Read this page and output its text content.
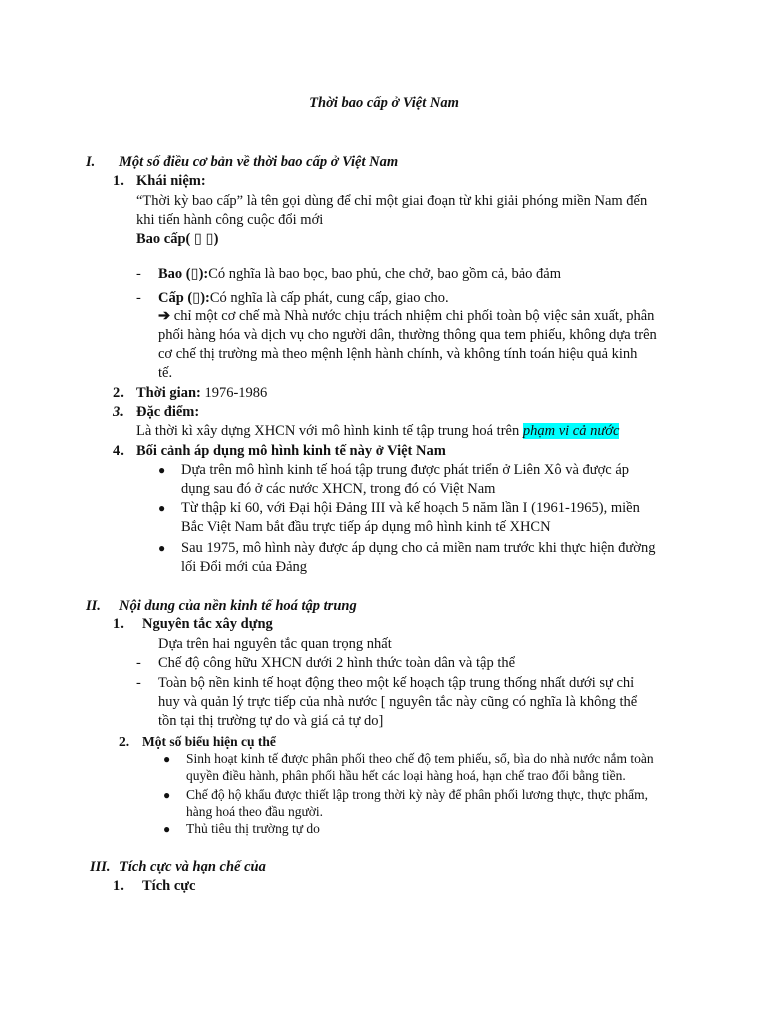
Thời bao cấp ở Việt Nam
I. Một số điều cơ bản về thời bao cấp ở Việt Nam
1. Khái niệm:
“Thời kỳ bao cấp” là tên gọi dùng để chỉ một giai đoạn từ khi giải phóng miền Nam đến
khi tiến hành công cuộc đổi mới
Bao cấp( ▯ ▯)
- Bao (▯):Có nghĩa là bao bọc, bao phủ, che chở, bao gồm cả, bảo đảm
- Cấp (▯):Có nghĩa là cấp phát, cung cấp, giao cho.
➔ chỉ một cơ chế mà Nhà nước chịu trách nhiệm chi phối toàn bộ việc sản xuất, phân
phối hàng hóa và dịch vụ cho người dân, thường thông qua tem phiếu, không dựa trên
cơ chế thị trường mà theo mệnh lệnh hành chính, và không tính toán hiệu quả kinh
tế.
2. Thời gian: 1976-1986
3. Đặc điểm:
Là thời kì xây dựng XHCN với mô hình kinh tế tập trung hoá trên phạm vi cả nước
4. Bối cảnh áp dụng mô hình kinh tế này ở Việt Nam
● Dựa trên mô hình kinh tế hoá tập trung được phát triển ở Liên Xô và được áp
dụng sau đó ở các nước XHCN, trong đó có Việt Nam
● Từ thập kỉ 60, với Đại hội Đảng III và kế hoạch 5 năm lần I (1961-1965), miền
Bắc Việt Nam bắt đầu trực tiếp áp dụng mô hình kinh tế XHCN
● Sau 1975, mô hình này được áp dụng cho cả miền nam trước khi thực hiện đường
lối Đổi mới của Đảng
II. Nội dung của nền kinh tế hoá tập trung
1. Nguyên tắc xây dựng
Dựa trên hai nguyên tắc quan trọng nhất
- Chế độ công hữu XHCN dưới 2 hình thức toàn dân và tập thể
- Toàn bộ nền kinh tế hoạt động theo một kế hoạch tập trung thống nhất dưới sự chỉ
huy và quản lý trực tiếp của nhà nước [ nguyên tắc này cũng có nghĩa là không thể
tồn tại thị trường tự do và giá cả tự do]
2. Một số biểu hiện cụ thể
● Sinh hoạt kinh tế được phân phối theo chế độ tem phiếu, sổ, bìa do nhà nước nắm toàn
quyền điều hành, phân phối hầu hết các loại hàng hoá, hạn chế trao đổi bằng tiền.
● Chế độ hộ khẩu được thiết lập trong thời kỳ này để phân phối lương thực, thực phẩm,
hàng hoá theo đầu người.
● Thủ tiêu thị trường tự do
III. Tích cực và hạn chế của
1. Tích cực
